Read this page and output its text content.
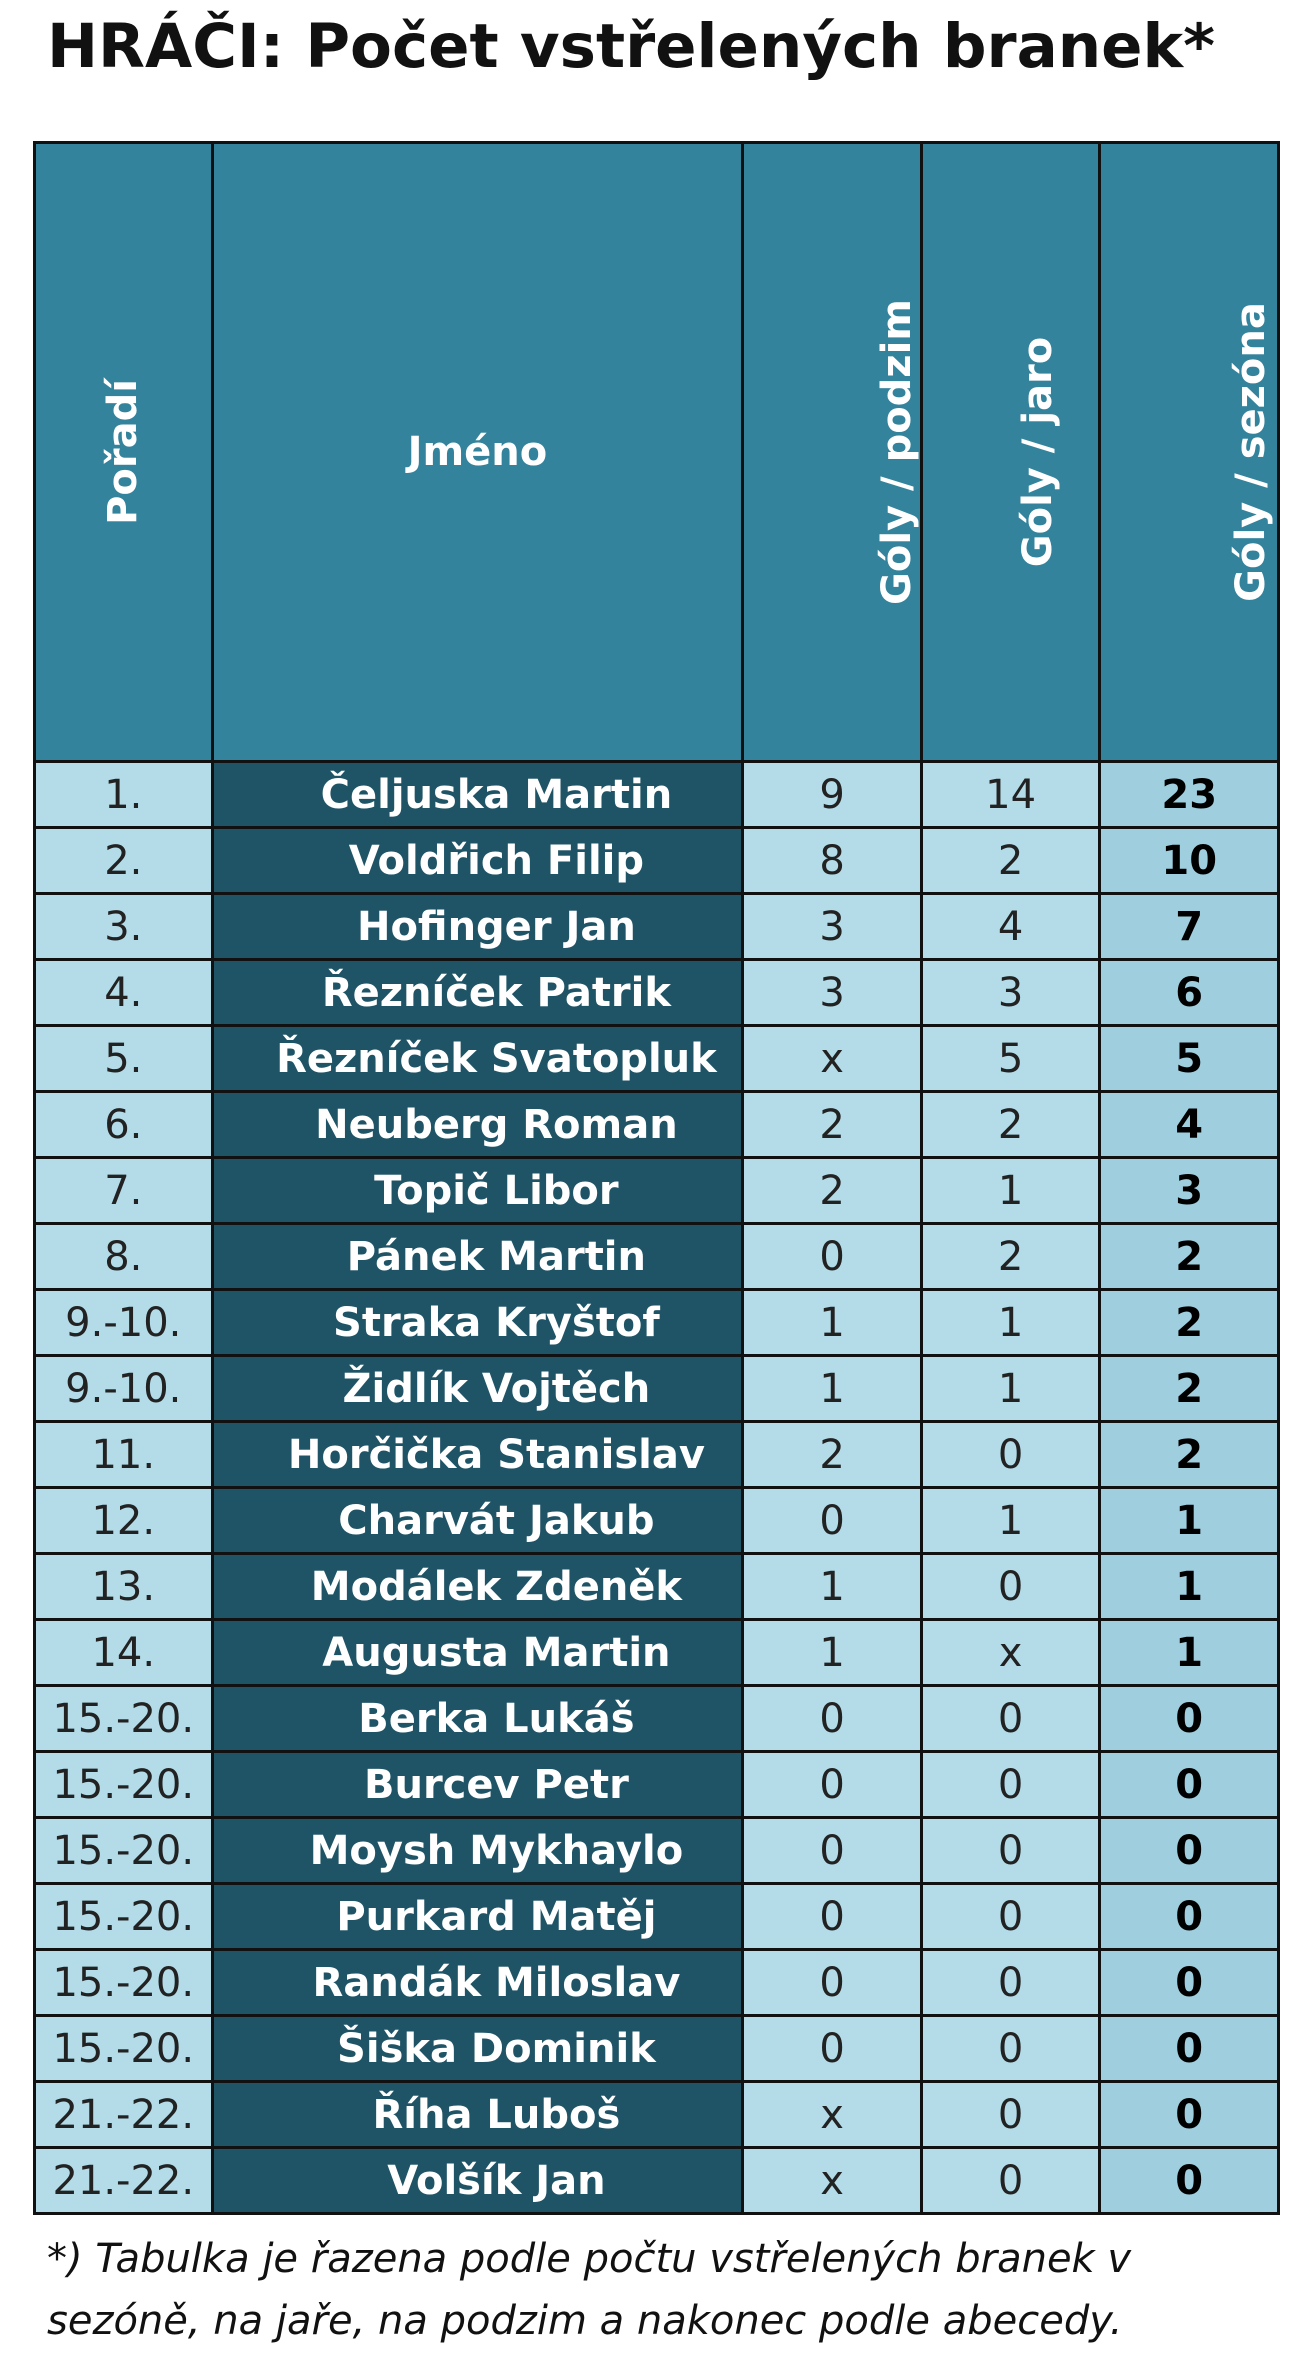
HRÁČI: Počet vstřelených branek*
Pořadí	Jméno	Góly / podzim	Góly / jaro	Góly / sezóna
1.	Čeljuska Martin	9	14	23
2.	Voldřich Filip	8	2	10
3.	Hofinger Jan	3	4	7
4.	Řezníček Patrik	3	3	6
5.	Řezníček Svatopluk	x	5	5
6.	Neuberg Roman	2	2	4
7.	Topič Libor	2	1	3
8.	Pánek Martin	0	2	2
9.-10.	Straka Kryštof	1	1	2
9.-10.	Židlík Vojtěch	1	1	2
11.	Horčička Stanislav	2	0	2
12.	Charvát Jakub	0	1	1
13.	Modálek Zdeněk	1	0	1
14.	Augusta Martin	1	x	1
15.-20.	Berka Lukáš	0	0	0
15.-20.	Burcev Petr	0	0	0
15.-20.	Moysh Mykhaylo	0	0	0
15.-20.	Purkard Matěj	0	0	0
15.-20.	Randák Miloslav	0	0	0
15.-20.	Šiška Dominik	0	0	0
21.-22.	Říha Luboš	x	0	0
21.-22.	Volšík Jan	x	0	0
*) Tabulka je řazena podle počtu vstřelených branek v sezóně, na jaře, na podzim a nakonec podle abecedy.
